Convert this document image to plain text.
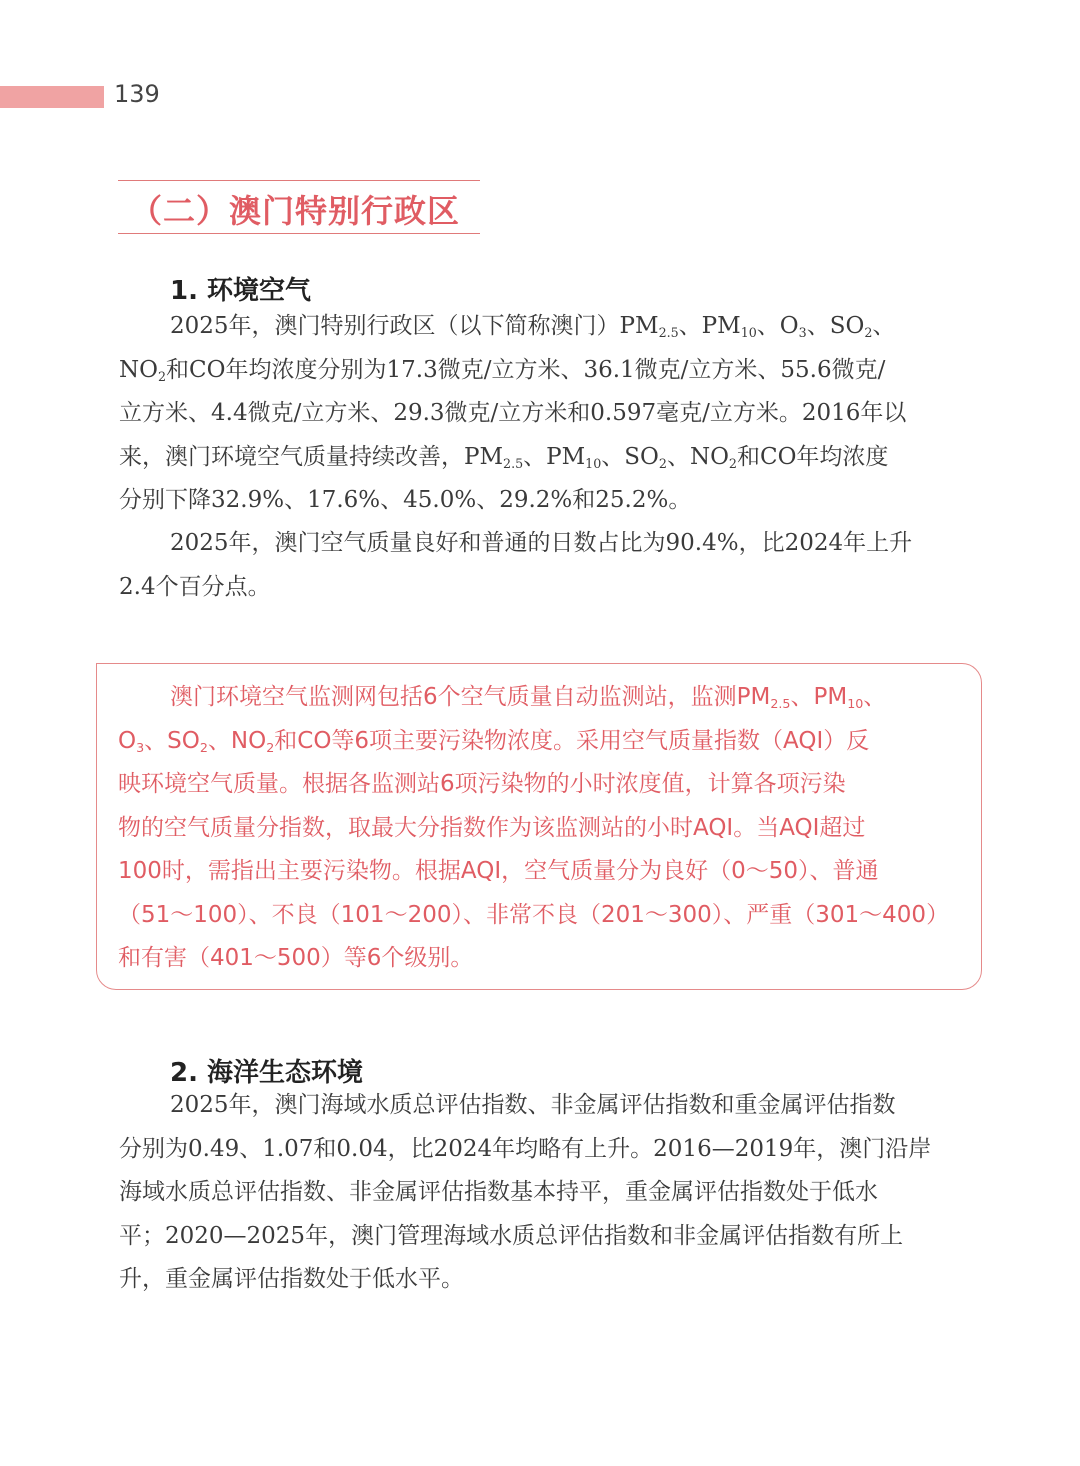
139
（二）澳门特别行政区
1. 环境空气
2025年，澳门特别行政区（以下简称澳门）$PM_{2.5}$、$PM_{10}$、$O_3$、$SO_2$、
$NO_2$和CO年均浓度分别为17.3微克/立方米、36.1微克/立方米、55.6微克/
立方米、4.4微克/立方米、29.3微克/立方米和0.597毫克/立方米。2016年以
来，澳门环境空气质量持续改善，$PM_{2.5}$、$PM_{10}$、$SO_2$、$NO_2$和CO年均浓度
分别下降32.9%、17.6%、45.0%、29.2%和25.2%。
2025年，澳门空气质量良好和普通的日数占比为90.4%，比2024年上升
2.4个百分点。
澳门环境空气监测网包括6个空气质量自动监测站，监测$PM_{2.5}$、$PM_{10}$、
$O_3$、$SO_2$、$NO_2$和CO等6项主要污染物浓度。采用空气质量指数（AQI）反
映环境空气质量。根据各监测站6项污染物的小时浓度值，计算各项污染
物的空气质量分指数，取最大分指数作为该监测站的小时AQI。当AQI超过
100时，需指出主要污染物。根据AQI，空气质量分为良好（0～50）、普通
（51～100）、不良（101～200）、非常不良（201～300）、严重（301～400）
和有害（401～500）等6个级别。
2. 海洋生态环境
2025年，澳门海域水质总评估指数、非金属评估指数和重金属评估指数
分别为0.49、1.07和0.04，比2024年均略有上升。2016—2019年，澳门沿岸
海域水质总评估指数、非金属评估指数基本持平，重金属评估指数处于低水
平；2020—2025年，澳门管理海域水质总评估指数和非金属评估指数有所上
升，重金属评估指数处于低水平。
